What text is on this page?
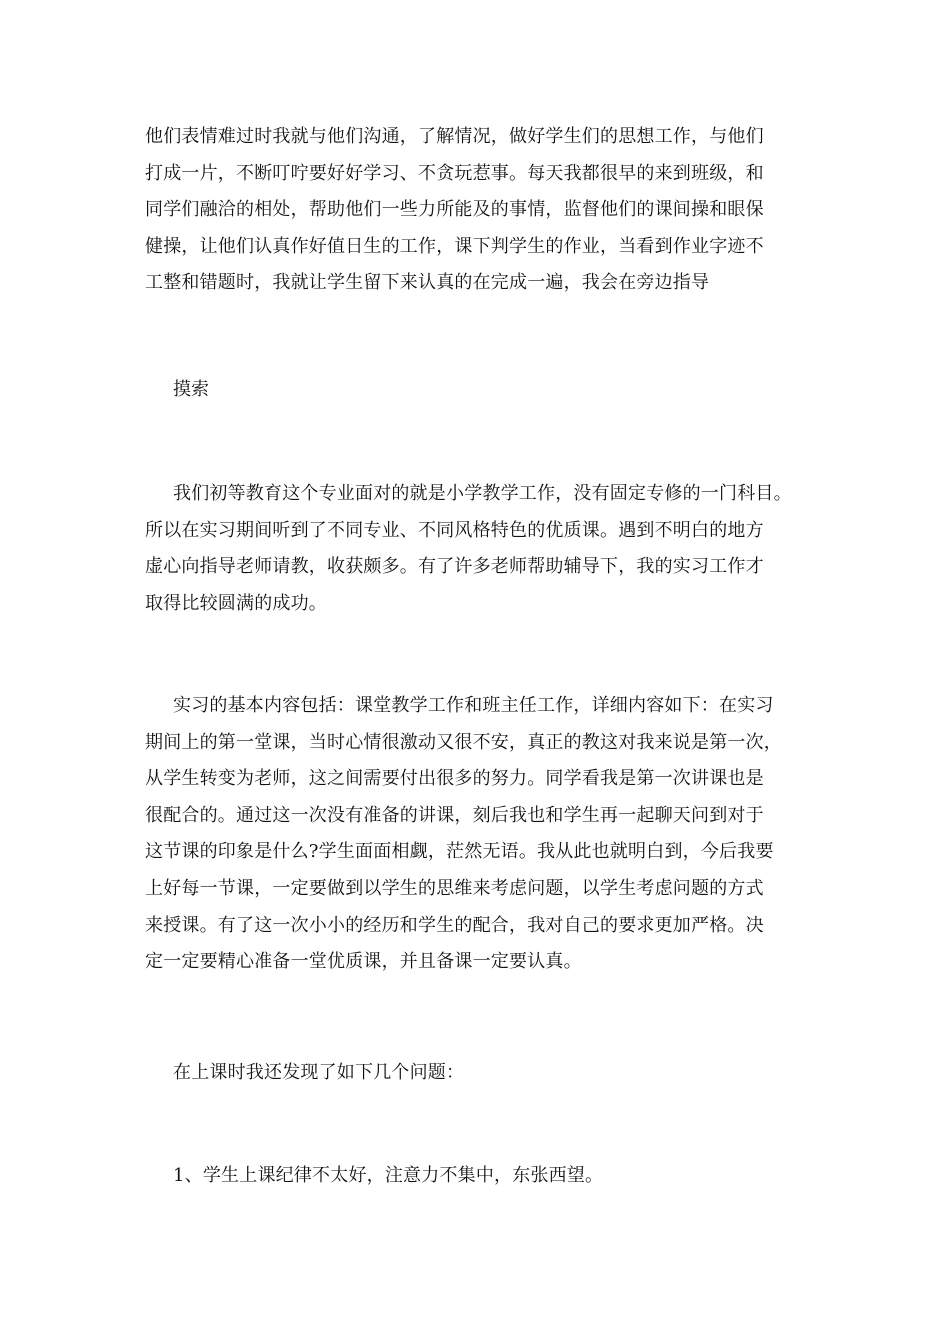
他们表情难过时我就与他们沟通，了解情况，做好学生们的思想工作，与他们
打成一片，不断叮咛要好好学习、不贪玩惹事。每天我都很早的来到班级，和
同学们融洽的相处，帮助他们一些力所能及的事情，监督他们的课间操和眼保
健操，让他们认真作好值日生的工作，课下判学生的作业，当看到作业字迹不
工整和错题时，我就让学生留下来认真的在完成一遍，我会在旁边指导
摸索
我们初等教育这个专业面对的就是小学教学工作，没有固定专修的一门科目。
所以在实习期间听到了不同专业、不同风格特色的优质课。遇到不明白的地方
虚心向指导老师请教，收获颇多。有了许多老师帮助辅导下，我的实习工作才
取得比较圆满的成功。
实习的基本内容包括：课堂教学工作和班主任工作，详细内容如下：在实习
期间上的第一堂课，当时心情很激动又很不安，真正的教这对我来说是第一次，
从学生转变为老师，这之间需要付出很多的努力。同学看我是第一次讲课也是
很配合的。通过这一次没有准备的讲课，刻后我也和学生再一起聊天问到对于
这节课的印象是什么?学生面面相觑，茫然无语。我从此也就明白到，今后我要
上好每一节课，一定要做到以学生的思维来考虑问题，以学生考虑问题的方式
来授课。有了这一次小小的经历和学生的配合，我对自己的要求更加严格。决
定一定要精心准备一堂优质课，并且备课一定要认真。
在上课时我还发现了如下几个问题：
1、学生上课纪律不太好，注意力不集中，东张西望。
